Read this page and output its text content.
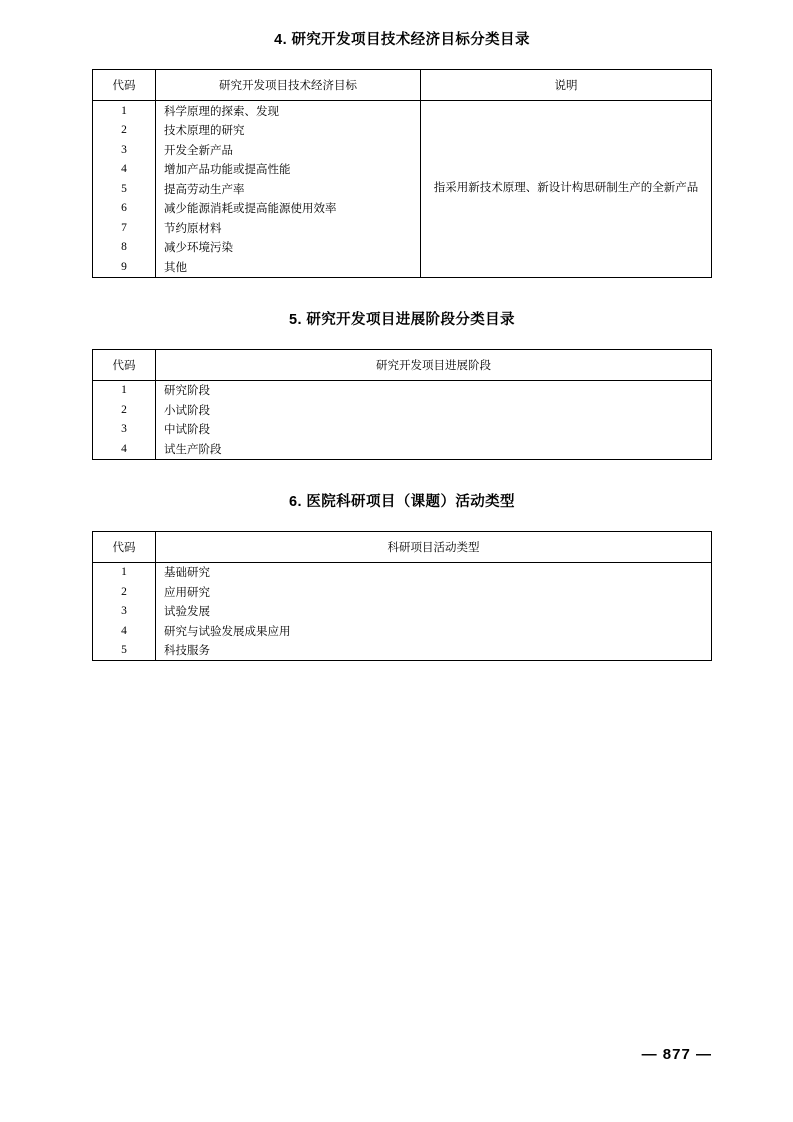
4. 研究开发项目技术经济目标分类目录
代码	研究开发项目技术经济目标	说明
1	科学原理的探索、发现	指采用新技术原理、新设计构思研制生产的全新产品
2	技术原理的研究	
3	开发全新产品	
4	增加产品功能或提高性能	
5	提高劳动生产率	
6	减少能源消耗或提高能源使用效率	
7	节约原材料	
8	减少环境污染	
9	其他	
5. 研究开发项目进展阶段分类目录
代码	研究开发项目进展阶段
1	研究阶段
2	小试阶段
3	中试阶段
4	试生产阶段
6. 医院科研项目（课题）活动类型
代码	科研项目活动类型
1	基础研究
2	应用研究
3	试验发展
4	研究与试验发展成果应用
5	科技服务
— 877 —
